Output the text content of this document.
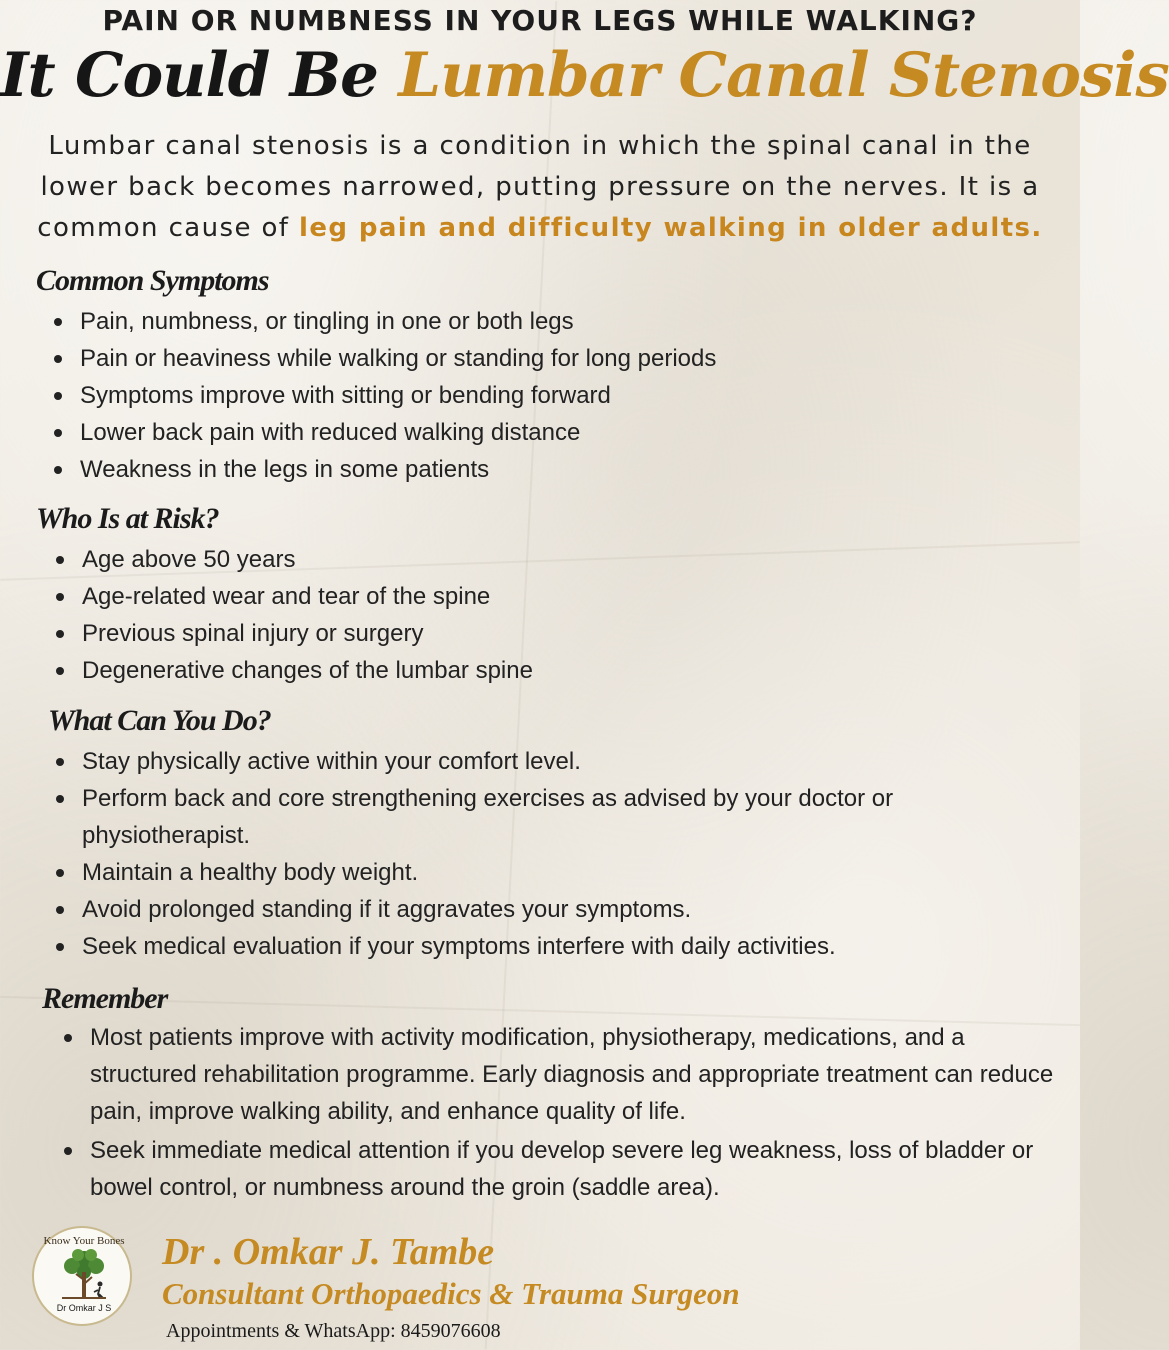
PAIN OR NUMBNESS IN YOUR LEGS WHILE WALKING?
It Could Be Lumbar Canal Stenosis
Lumbar canal stenosis is a condition in which the spinal canal in the lower back becomes narrowed, putting pressure on the nerves. It is a common cause of leg pain and difficulty walking in older adults.
Common Symptoms
Pain, numbness, or tingling in one or both legs
Pain or heaviness while walking or standing for long periods
Symptoms improve with sitting or bending forward
Lower back pain with reduced walking distance
Weakness in the legs in some patients
Who Is at Risk?
Age above 50 years
Age-related wear and tear of the spine
Previous spinal injury or surgery
Degenerative changes of the lumbar spine
What Can You Do?
Stay physically active within your comfort level.
Perform back and core strengthening exercises as advised by your doctor or physiotherapist.
Maintain a healthy body weight.
Avoid prolonged standing if it aggravates your symptoms.
Seek medical evaluation if your symptoms interfere with daily activities.
Remember
Most patients improve with activity modification, physiotherapy, medications, and a structured rehabilitation programme. Early diagnosis and appropriate treatment can reduce pain, improve walking ability, and enhance quality of life.
Seek immediate medical attention if you develop severe leg weakness, loss of bladder or bowel control, or numbness around the groin (saddle area).
Know Your Bones
Dr Omkar J S
Dr . Omkar J. Tambe
Consultant Orthopaedics & Trauma Surgeon
Appointments & WhatsApp: 8459076608
